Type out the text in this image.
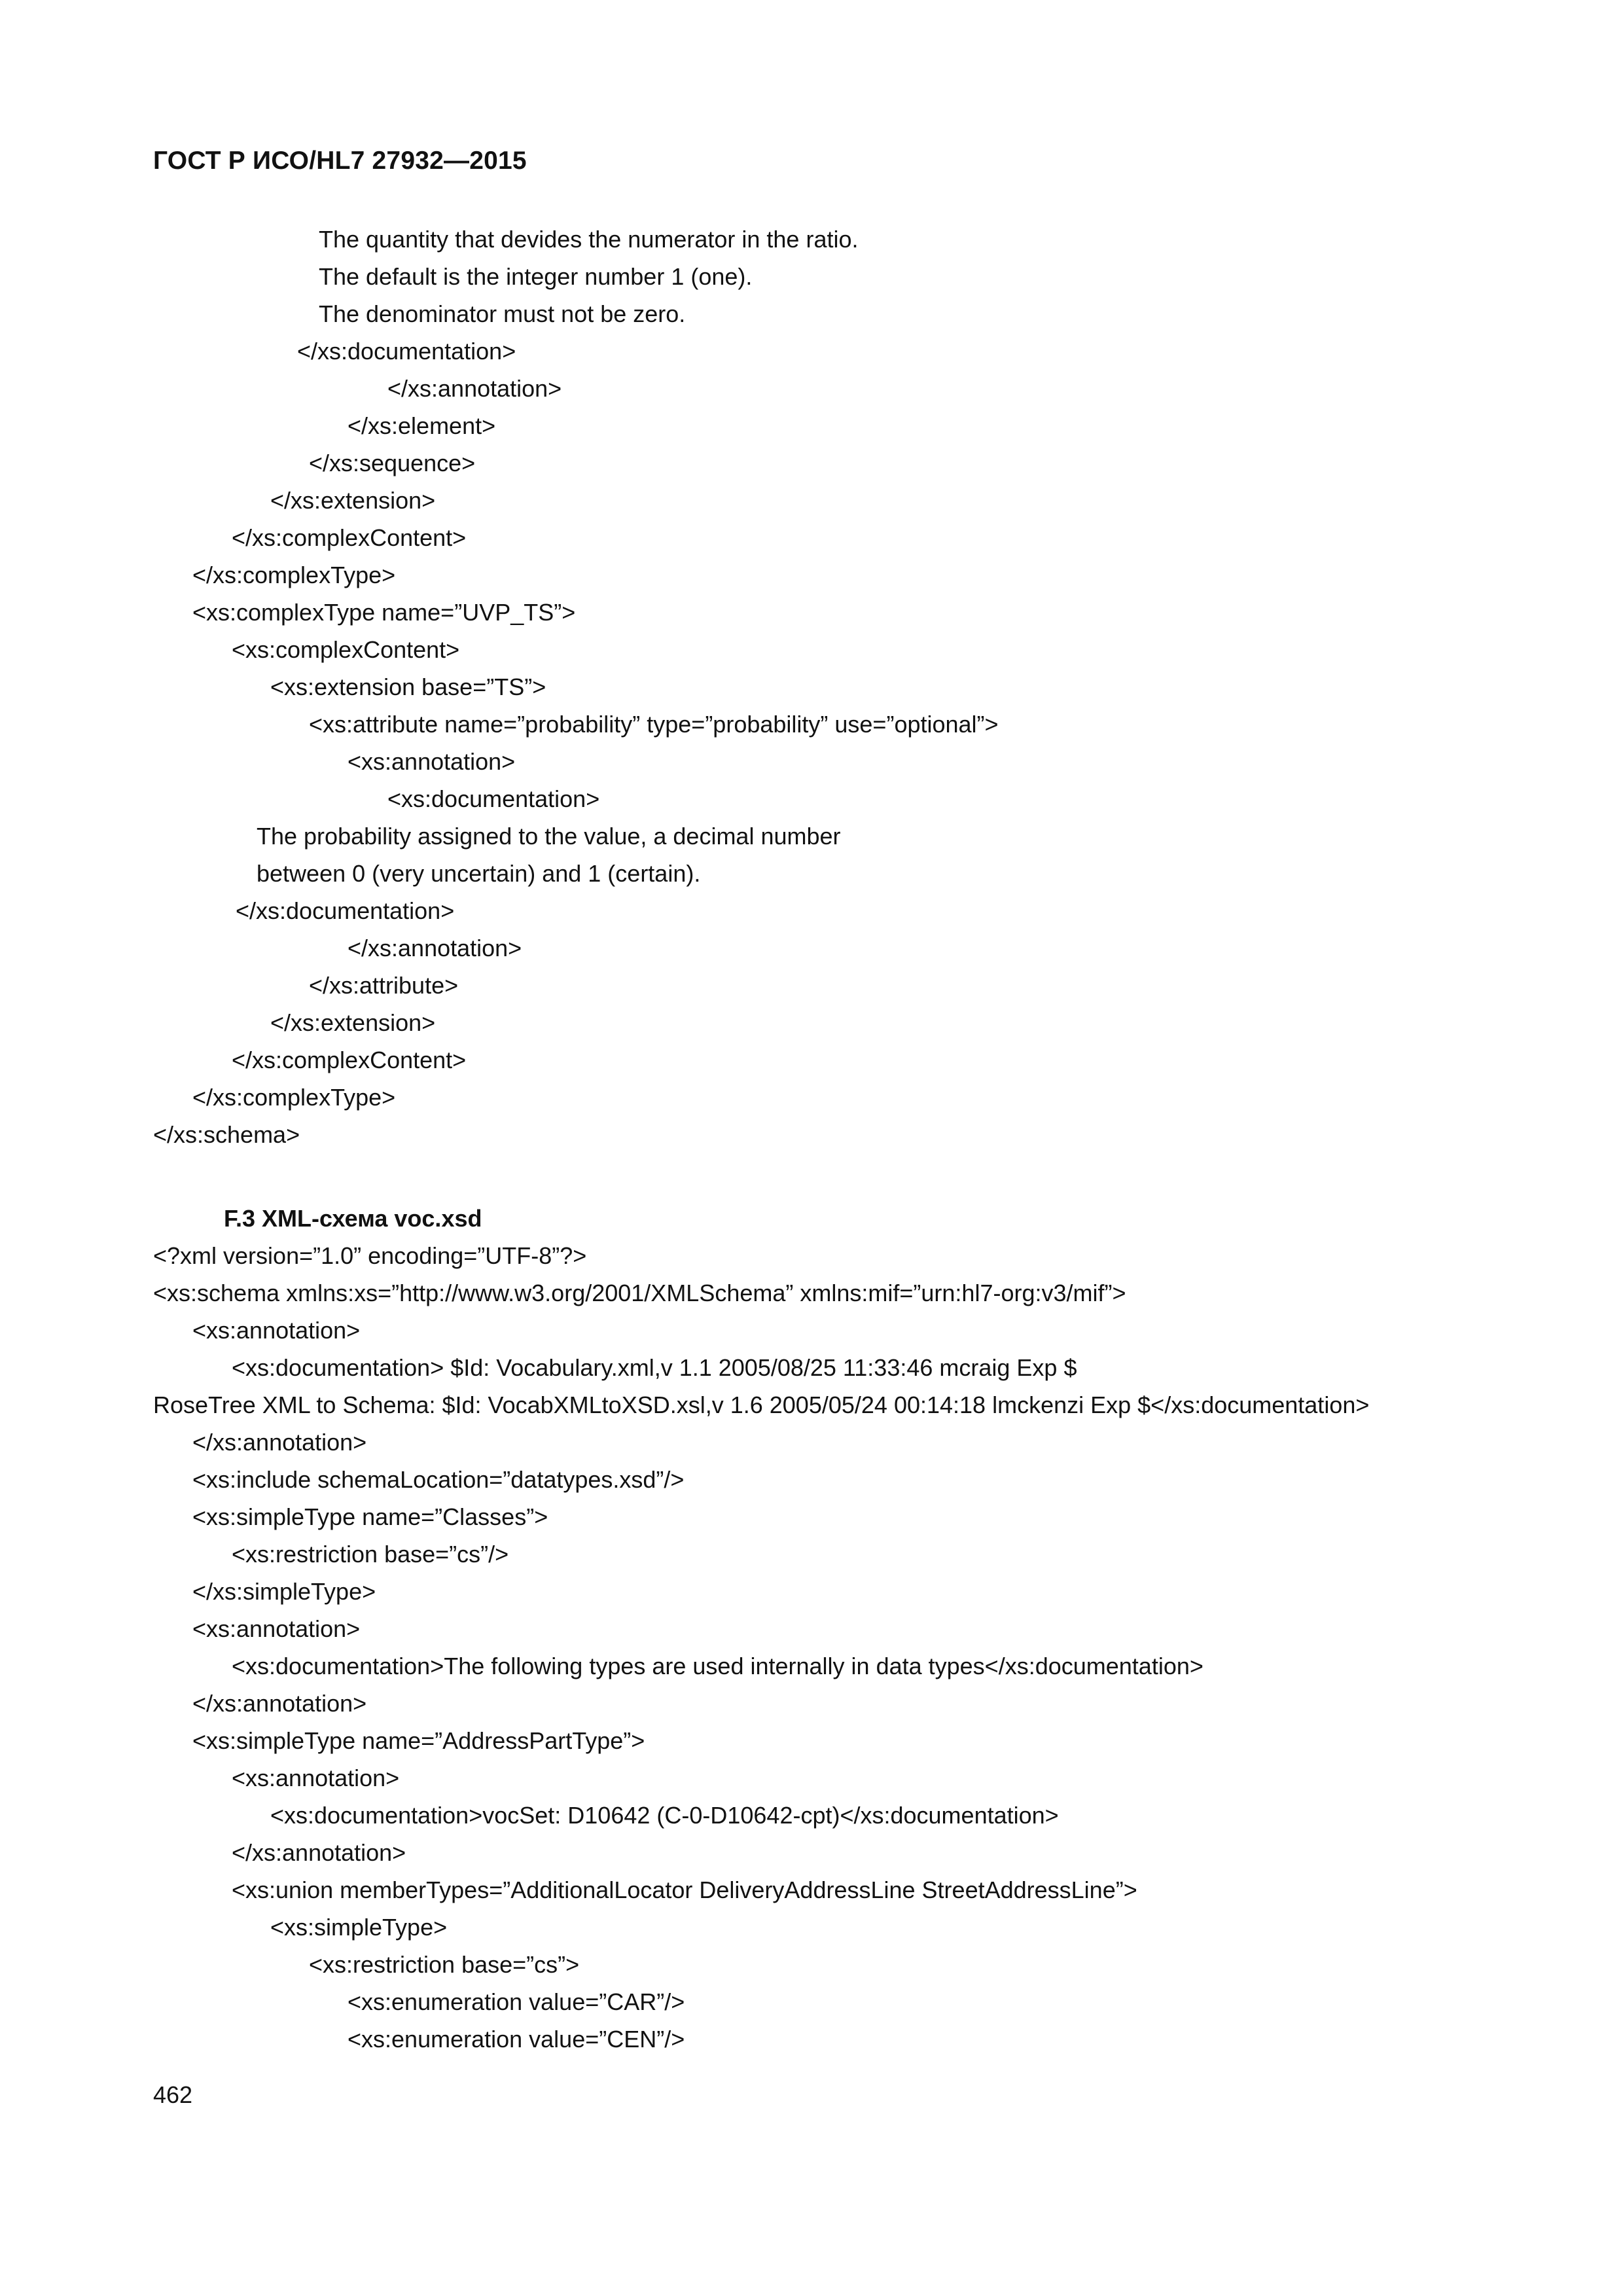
ГОСТ Р ИСО/HL7 27932—2015
The quantity that devides the numerator in the ratio.
The default is the integer number 1 (one).
The denominator must not be zero.
</xs:documentation>
</xs:annotation>
</xs:element>
</xs:sequence>
</xs:extension>
</xs:complexContent>
</xs:complexType>
<xs:complexType name=”UVP_TS”>
<xs:complexContent>
<xs:extension base=”TS”>
<xs:attribute name=”probability” type=”probability” use=”optional”>
<xs:annotation>
<xs:documentation>
The probability assigned to the value, a decimal number
between 0 (very uncertain) and 1 (certain).
</xs:documentation>
</xs:annotation>
</xs:attribute>
</xs:extension>
</xs:complexContent>
</xs:complexType>
</xs:schema>
F.3 XML-схема voc.xsd
<?xml version=”1.0” encoding=”UTF-8”?>
<xs:schema xmlns:xs=”http://www.w3.org/2001/XMLSchema” xmlns:mif=”urn:hl7-org:v3/mif”>
<xs:annotation>
<xs:documentation> $Id: Vocabulary.xml,v 1.1 2005/08/25 11:33:46 mcraig Exp $
RoseTree XML to Schema: $Id: VocabXMLtoXSD.xsl,v 1.6 2005/05/24 00:14:18 lmckenzi Exp $</xs:documentation>
</xs:annotation>
<xs:include schemaLocation=”datatypes.xsd”/>
<xs:simpleType name=”Classes”>
<xs:restriction base=”cs”/>
</xs:simpleType>
<xs:annotation>
<xs:documentation>The following types are used internally in data types</xs:documentation>
</xs:annotation>
<xs:simpleType name=”AddressPartType”>
<xs:annotation>
<xs:documentation>vocSet: D10642 (C-0-D10642-cpt)</xs:documentation>
</xs:annotation>
<xs:union memberTypes=”AdditionalLocator DeliveryAddressLine StreetAddressLine”>
<xs:simpleType>
<xs:restriction base=”cs”>
<xs:enumeration value=”CAR”/>
<xs:enumeration value=”CEN”/>
462
